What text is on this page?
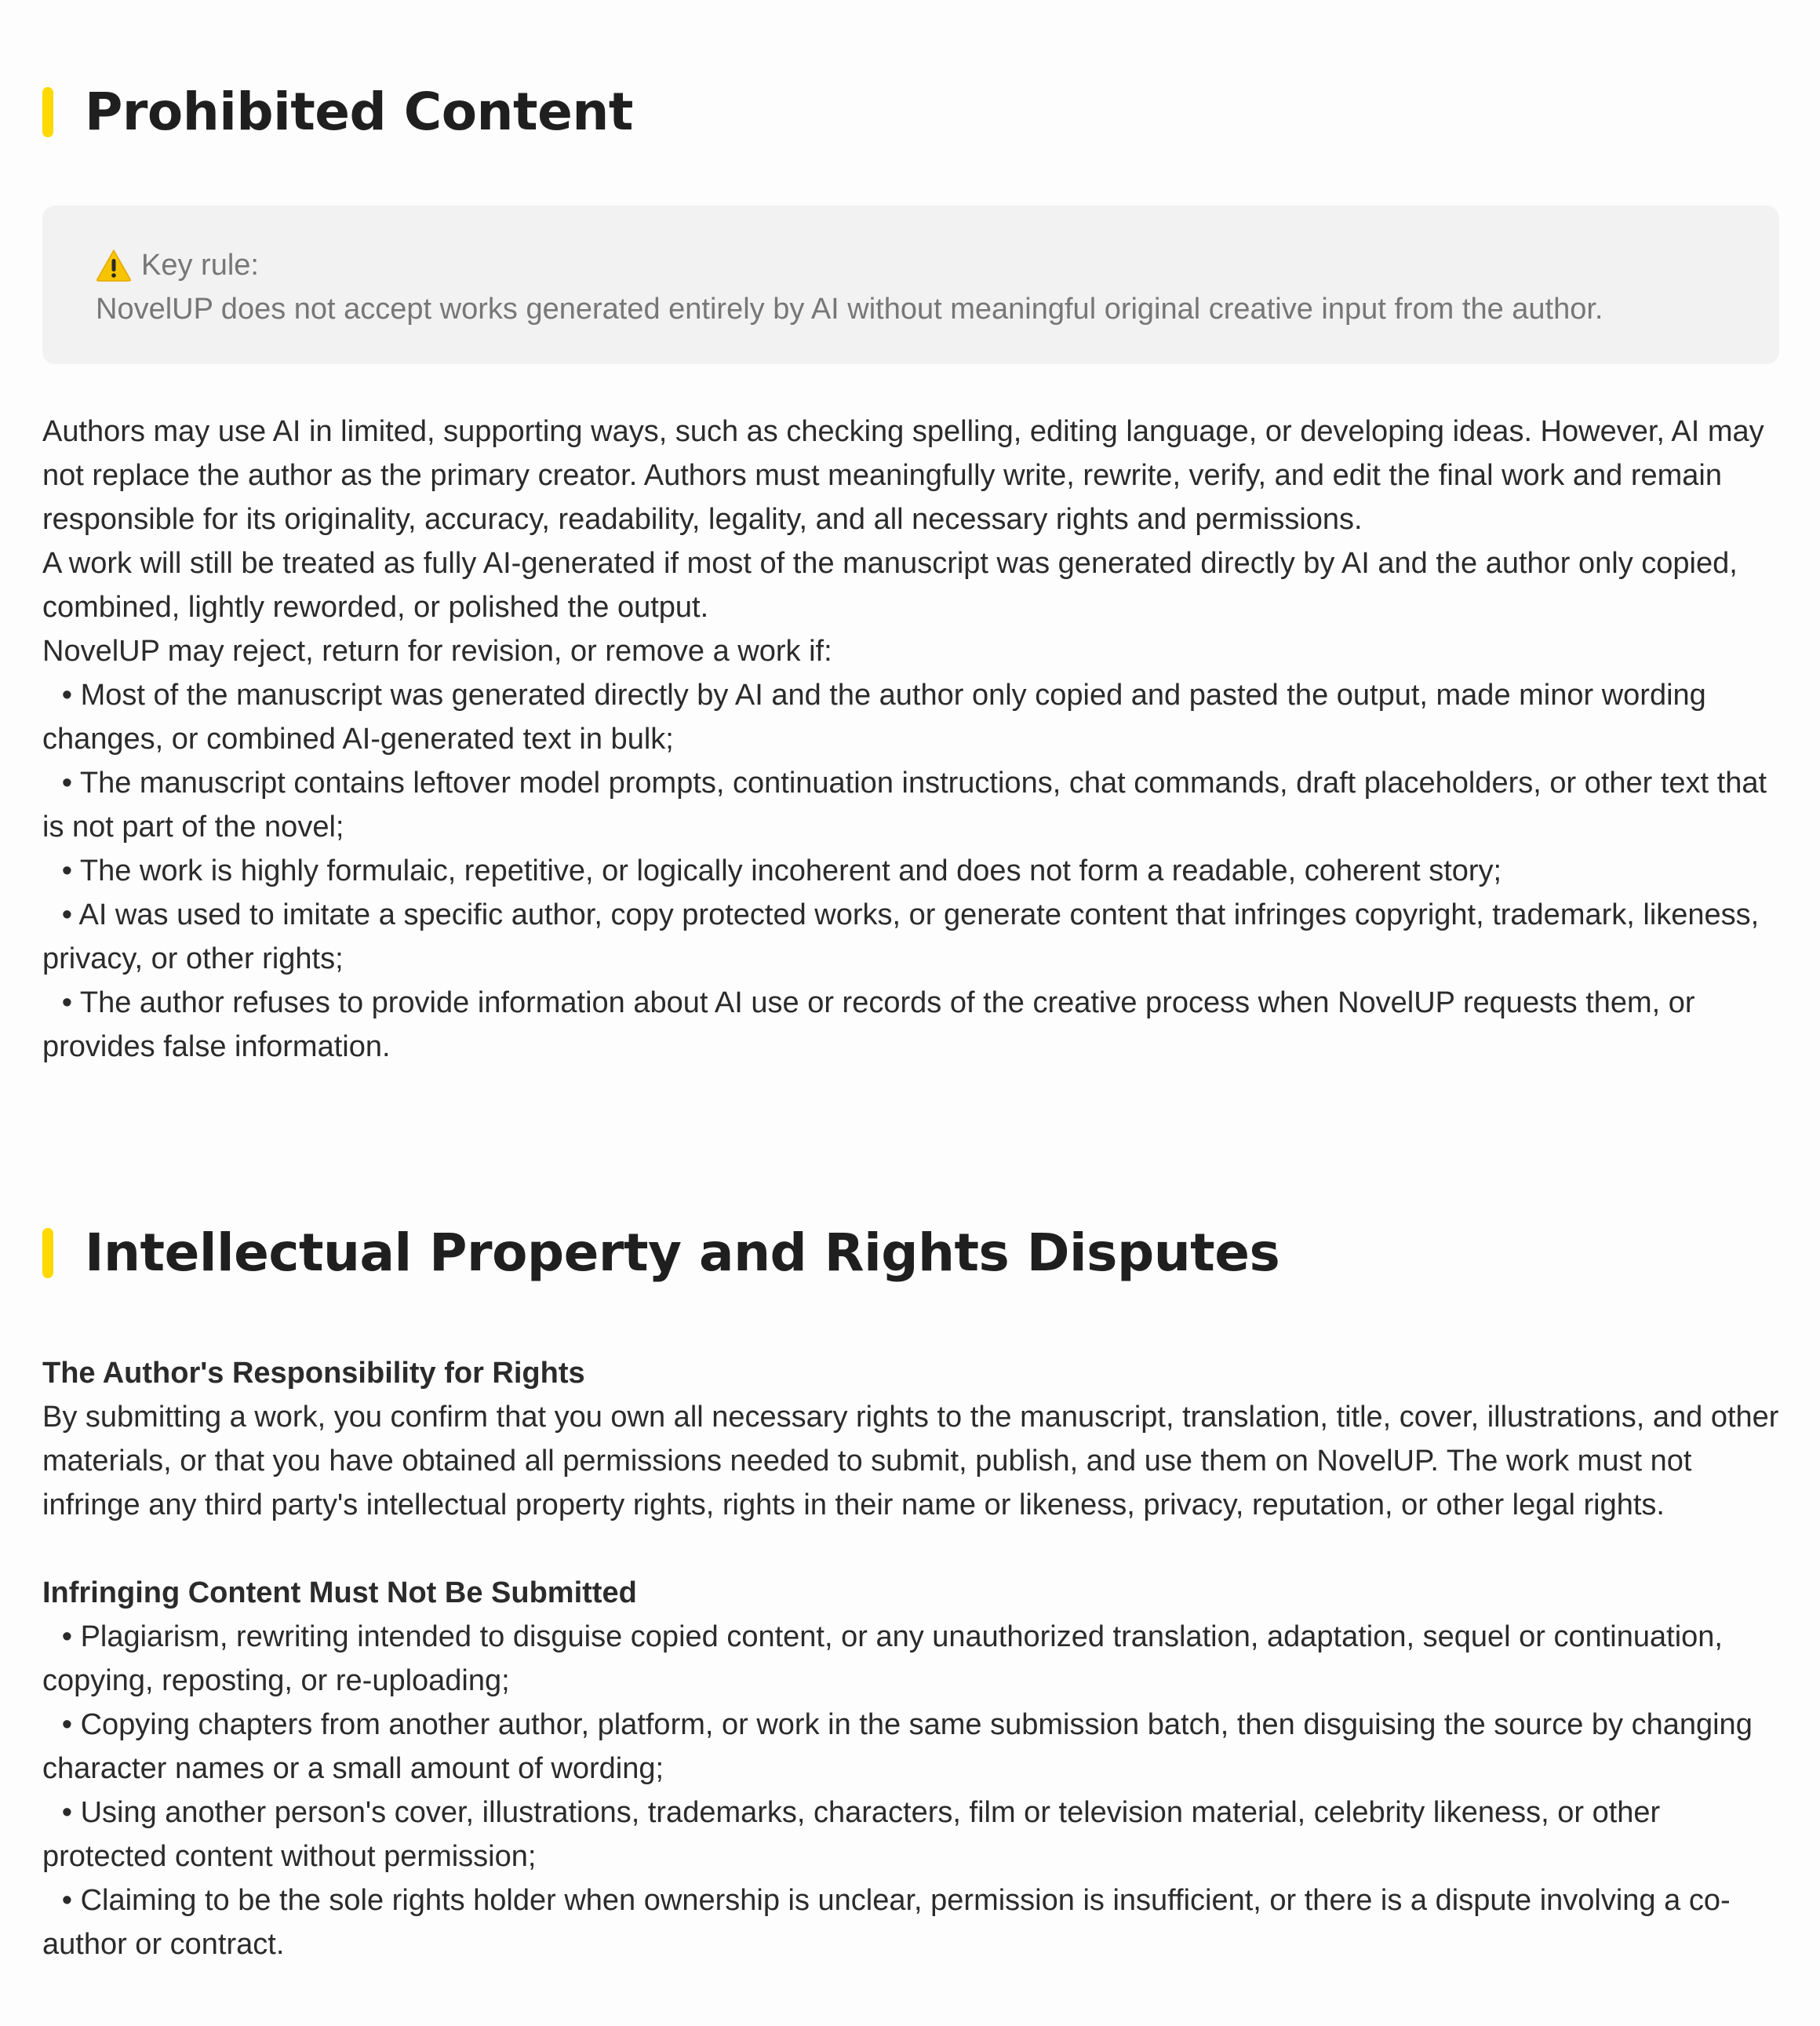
Prohibited Content
Key rule:
NovelUP does not accept works generated entirely by AI without meaningful original creative input from the author.

Authors may use AI in limited, supporting ways, such as checking spelling, editing language, or developing ideas. However, AI may not replace the author as the primary creator. Authors must meaningfully write, rewrite, verify, and edit the final work and remain responsible for its originality, accuracy, readability, legality, and all necessary rights and permissions.

A work will still be treated as fully AI-generated if most of the manuscript was generated directly by AI and the author only copied, combined, lightly reworded, or polished the output.

NovelUP may reject, return for revision, or remove a work if:

• Most of the manuscript was generated directly by AI and the author only copied and pasted the output, made minor wording changes, or combined AI-generated text in bulk;

• The manuscript contains leftover model prompts, continuation instructions, chat commands, draft placeholders, or other text that is not part of the novel;

• The work is highly formulaic, repetitive, or logically incoherent and does not form a readable, coherent story;

• AI was used to imitate a specific author, copy protected works, or generate content that infringes copyright, trademark, likeness, privacy, or other rights;

• The author refuses to provide information about AI use or records of the creative process when NovelUP requests them, or provides false information.

Intellectual Property and Rights Disputes

The Author's Responsibility for Rights

By submitting a work, you confirm that you own all necessary rights to the manuscript, translation, title, cover, illustrations, and other materials, or that you have obtained all permissions needed to submit, publish, and use them on NovelUP. The work must not infringe any third party's intellectual property rights, rights in their name or likeness, privacy, reputation, or other legal rights.

Infringing Content Must Not Be Submitted

• Plagiarism, rewriting intended to disguise copied content, or any unauthorized translation, adaptation, sequel or continuation, copying, reposting, or re-uploading;

• Copying chapters from another author, platform, or work in the same submission batch, then disguising the source by changing character names or a small amount of wording;

• Using another person's cover, illustrations, trademarks, characters, film or television material, celebrity likeness, or other protected content without permission;

• Claiming to be the sole rights holder when ownership is unclear, permission is insufficient, or there is a dispute involving a co-author or contract.
